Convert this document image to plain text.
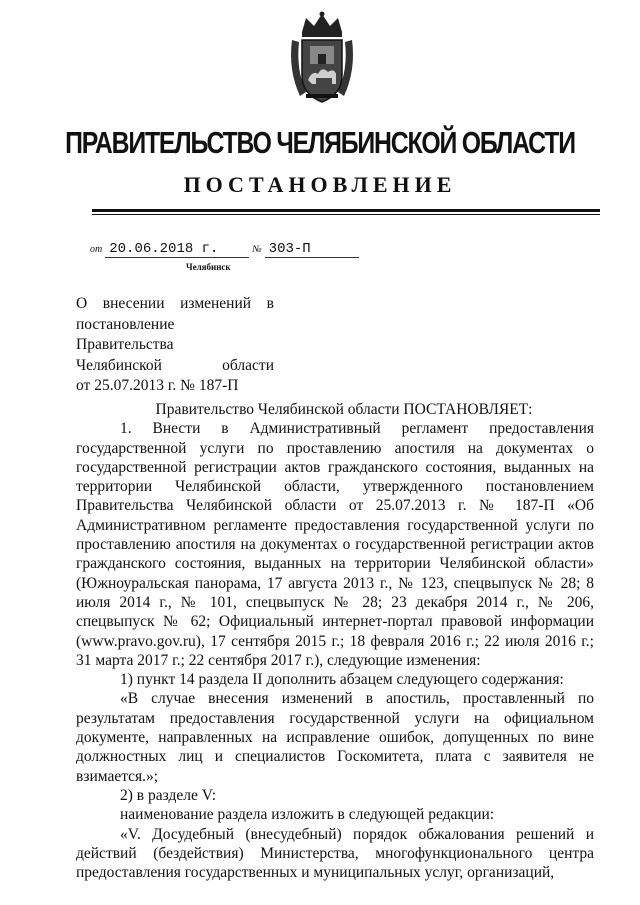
ПРАВИТЕЛЬСТВО ЧЕЛЯБИНСКОЙ ОБЛАСТИ
ПОСТАНОВЛЕНИЕ
от 20.06.2018 г.	№ 303-П
Челябинск
О внесении изменений в
постановление Правительства
Челябинской области
от 25.07.2013 г. № 187-П

Правительство Челябинской области ПОСТАНОВЛЯЕТ:

1. Внести в Административный регламент предоставления государственной услуги по проставлению апостиля на документах о государственной регистрации актов гражданского состояния, выданных на территории Челябинской области, утвержденного постановлением Правительства Челябинской области от 25.07.2013 г. № 187-П «Об Административном регламенте предоставления государственной услуги по проставлению апостиля на документах о государственной регистрации актов гражданского состояния, выданных на территории Челябинской области» (Южноуральская панорама, 17 августа 2013 г., № 123, спецвыпуск № 28; 8 июля 2014 г., № 101, спецвыпуск № 28; 23 декабря 2014 г., № 206, спецвыпуск № 62; Официальный интернет-портал правовой информации (www.pravo.gov.ru), 17 сентября 2015 г.; 18 февраля 2016 г.; 22 июля 2016 г.; 31 марта 2017 г.; 22 сентября 2017 г.), следующие изменения:

1) пункт 14 раздела II дополнить абзацем следующего содержания:

«В случае внесения изменений в апостиль, проставленный по результатам предоставления государственной услуги на официальном документе, направленных на исправление ошибок, допущенных по вине должностных лиц и специалистов Госкомитета, плата с заявителя не взимается.»;

2) в разделе V:

наименование раздела изложить в следующей редакции:

«V. Досудебный (внесудебный) порядок обжалования решений и действий (бездействия) Министерства, многофункционального центра предоставления государственных и муниципальных услуг, организаций,
